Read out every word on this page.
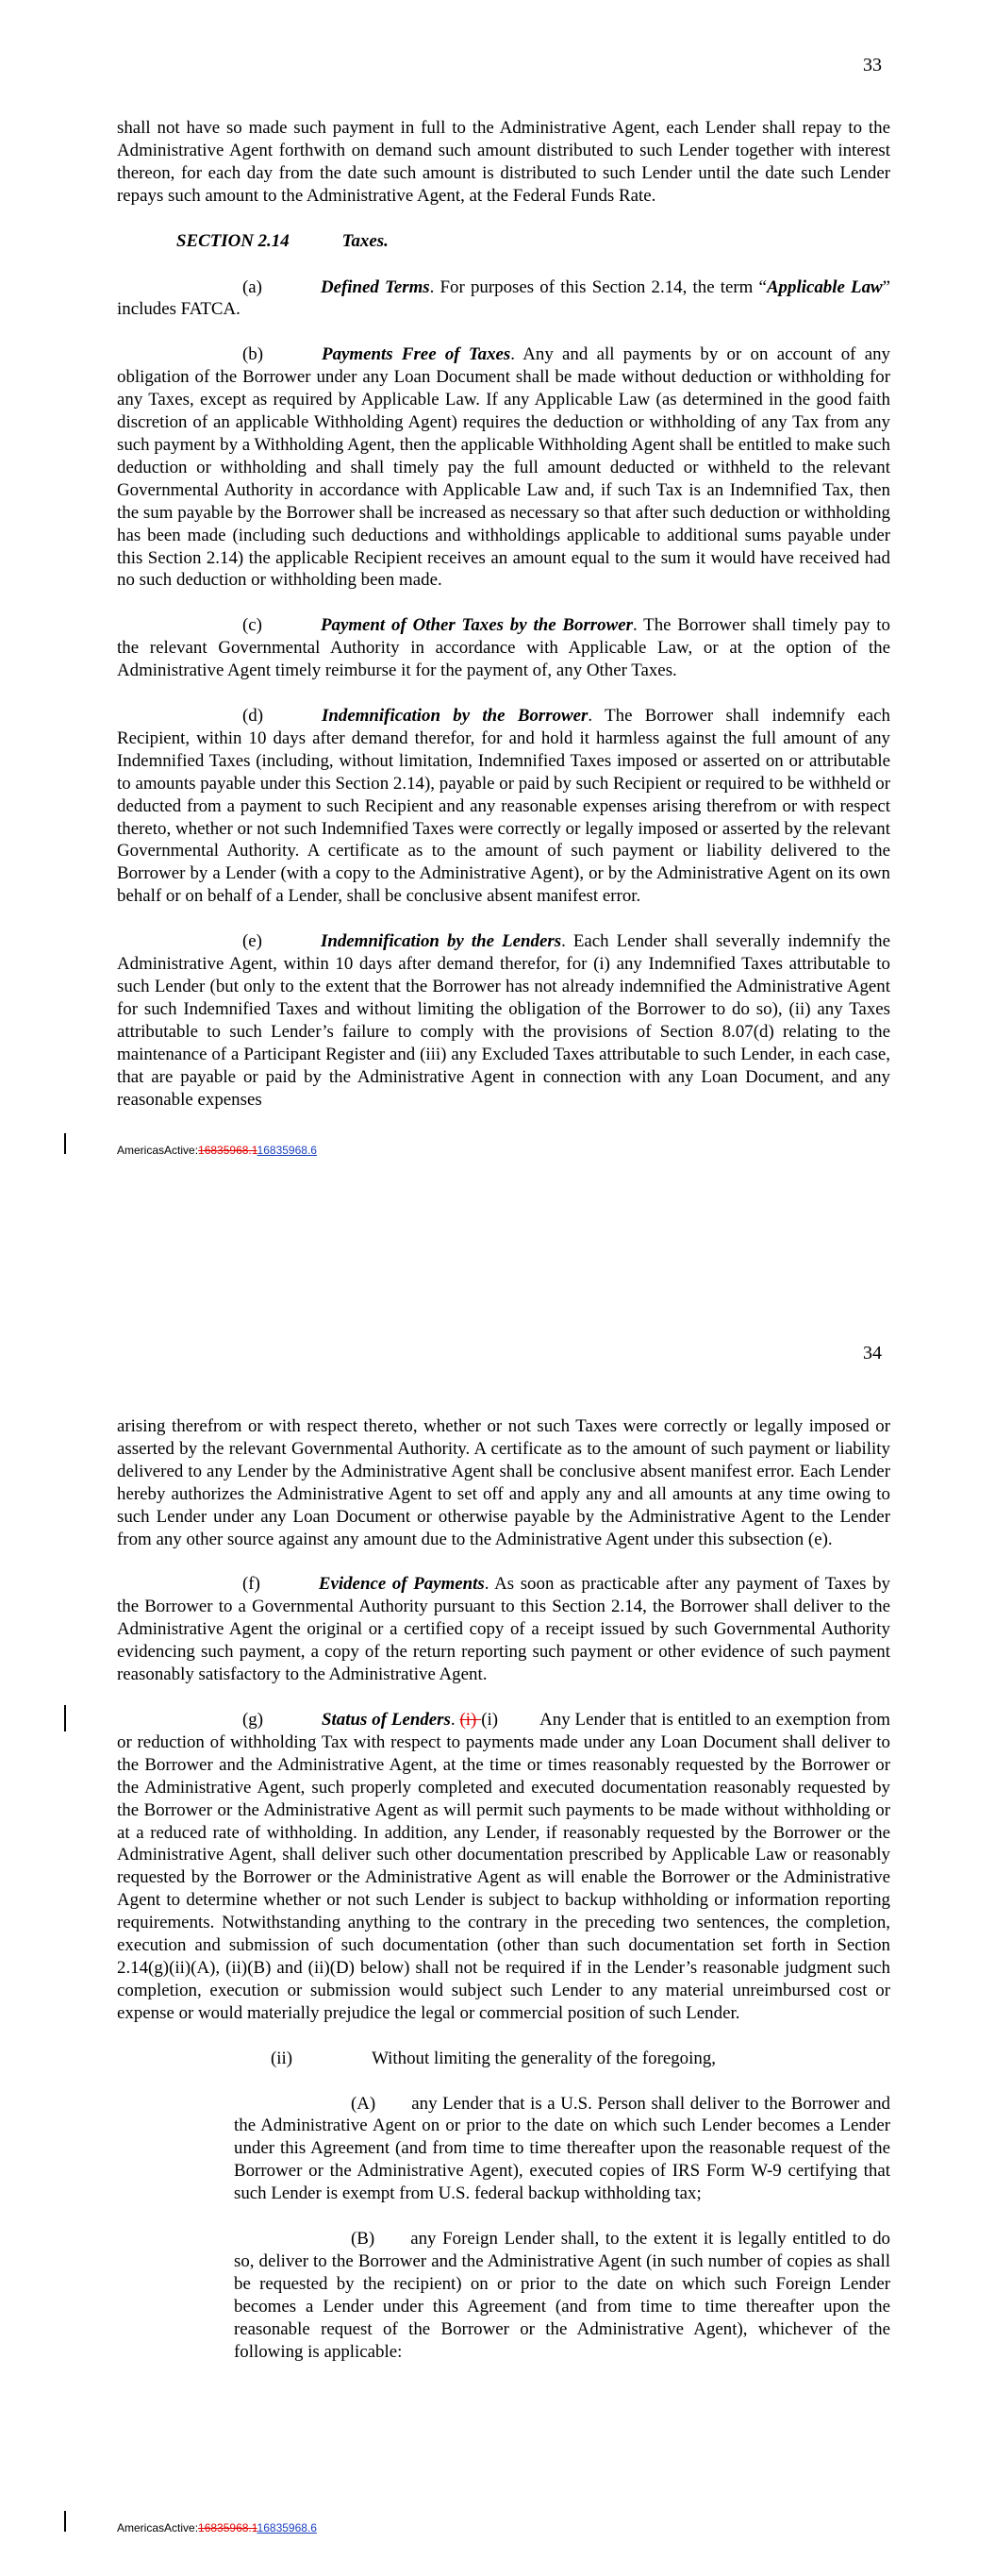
33

shall not have so made such payment in full to the Administrative Agent, each Lender shall repay to the Administrative Agent forthwith on demand such amount distributed to such Lender together with interest thereon, for each day from the date such amount is distributed to such Lender until the date such Lender repays such amount to the Administrative Agent, at the Federal Funds Rate.

SECTION 2.14	Taxes.

(a)	Defined Terms. For purposes of this Section 2.14, the term “Applicable Law” includes FATCA.

(b)	Payments Free of Taxes. Any and all payments by or on account of any obligation of the Borrower under any Loan Document shall be made without deduction or withholding for any Taxes, except as required by Applicable Law. If any Applicable Law (as determined in the good faith discretion of an applicable Withholding Agent) requires the deduction or withholding of any Tax from any such payment by a Withholding Agent, then the applicable Withholding Agent shall be entitled to make such deduction or withholding and shall timely pay the full amount deducted or withheld to the relevant Governmental Authority in accordance with Applicable Law and, if such Tax is an Indemnified Tax, then the sum payable by the Borrower shall be increased as necessary so that after such deduction or withholding has been made (including such deductions and withholdings applicable to additional sums payable under this Section 2.14) the applicable Recipient receives an amount equal to the sum it would have received had no such deduction or withholding been made.

(c)	Payment of Other Taxes by the Borrower. The Borrower shall timely pay to the relevant Governmental Authority in accordance with Applicable Law, or at the option of the Administrative Agent timely reimburse it for the payment of, any Other Taxes.

(d)	Indemnification by the Borrower. The Borrower shall indemnify each Recipient, within 10 days after demand therefor, for and hold it harmless against the full amount of any Indemnified Taxes (including, without limitation, Indemnified Taxes imposed or asserted on or attributable to amounts payable under this Section 2.14), payable or paid by such Recipient or required to be withheld or deducted from a payment to such Recipient and any reasonable expenses arising therefrom or with respect thereto, whether or not such Indemnified Taxes were correctly or legally imposed or asserted by the relevant Governmental Authority. A certificate as to the amount of such payment or liability delivered to the Borrower by a Lender (with a copy to the Administrative Agent), or by the Administrative Agent on its own behalf or on behalf of a Lender, shall be conclusive absent manifest error.

(e)	Indemnification by the Lenders. Each Lender shall severally indemnify the Administrative Agent, within 10 days after demand therefor, for (i) any Indemnified Taxes attributable to such Lender (but only to the extent that the Borrower has not already indemnified the Administrative Agent for such Indemnified Taxes and without limiting the obligation of the Borrower to do so), (ii) any Taxes attributable to such Lender’s failure to comply with the provisions of Section 8.07(d) relating to the maintenance of a Participant Register and (iii) any Excluded Taxes attributable to such Lender, in each case, that are payable or paid by the Administrative Agent in connection with any Loan Document, and any reasonable expenses

AmericasActive:16835968.116835968.6
34

arising therefrom or with respect thereto, whether or not such Taxes were correctly or legally imposed or asserted by the relevant Governmental Authority. A certificate as to the amount of such payment or liability delivered to any Lender by the Administrative Agent shall be conclusive absent manifest error. Each Lender hereby authorizes the Administrative Agent to set off and apply any and all amounts at any time owing to such Lender under any Loan Document or otherwise payable by the Administrative Agent to the Lender from any other source against any amount due to the Administrative Agent under this subsection (e).

(f)	Evidence of Payments. As soon as practicable after any payment of Taxes by the Borrower to a Governmental Authority pursuant to this Section 2.14, the Borrower shall deliver to the Administrative Agent the original or a certified copy of a receipt issued by such Governmental Authority evidencing such payment, a copy of the return reporting such payment or other evidence of such payment reasonably satisfactory to the Administrative Agent.

(g)	Status of Lenders. (i) (i) Any Lender that is entitled to an exemption from or reduction of withholding Tax with respect to payments made under any Loan Document shall deliver to the Borrower and the Administrative Agent, at the time or times reasonably requested by the Borrower or the Administrative Agent, such properly completed and executed documentation reasonably requested by the Borrower or the Administrative Agent as will permit such payments to be made without withholding or at a reduced rate of withholding. In addition, any Lender, if reasonably requested by the Borrower or the Administrative Agent, shall deliver such other documentation prescribed by Applicable Law or reasonably requested by the Borrower or the Administrative Agent as will enable the Borrower or the Administrative Agent to determine whether or not such Lender is subject to backup withholding or information reporting requirements. Notwithstanding anything to the contrary in the preceding two sentences, the completion, execution and submission of such documentation (other than such documentation set forth in Section 2.14(g)(ii)(A), (ii)(B) and (ii)(D) below) shall not be required if in the Lender’s reasonable judgment such completion, execution or submission would subject such Lender to any material unreimbursed cost or expense or would materially prejudice the legal or commercial position of such Lender.

(ii)	Without limiting the generality of the foregoing,

(A) any Lender that is a U.S. Person shall deliver to the Borrower and the Administrative Agent on or prior to the date on which such Lender becomes a Lender under this Agreement (and from time to time thereafter upon the reasonable request of the Borrower or the Administrative Agent), executed copies of IRS Form W-9 certifying that such Lender is exempt from U.S. federal backup withholding tax;

(B) any Foreign Lender shall, to the extent it is legally entitled to do so, deliver to the Borrower and the Administrative Agent (in such number of copies as shall be requested by the recipient) on or prior to the date on which such Foreign Lender becomes a Lender under this Agreement (and from time to time thereafter upon the reasonable request of the Borrower or the Administrative Agent), whichever of the following is applicable:

AmericasActive:16835968.116835968.6
